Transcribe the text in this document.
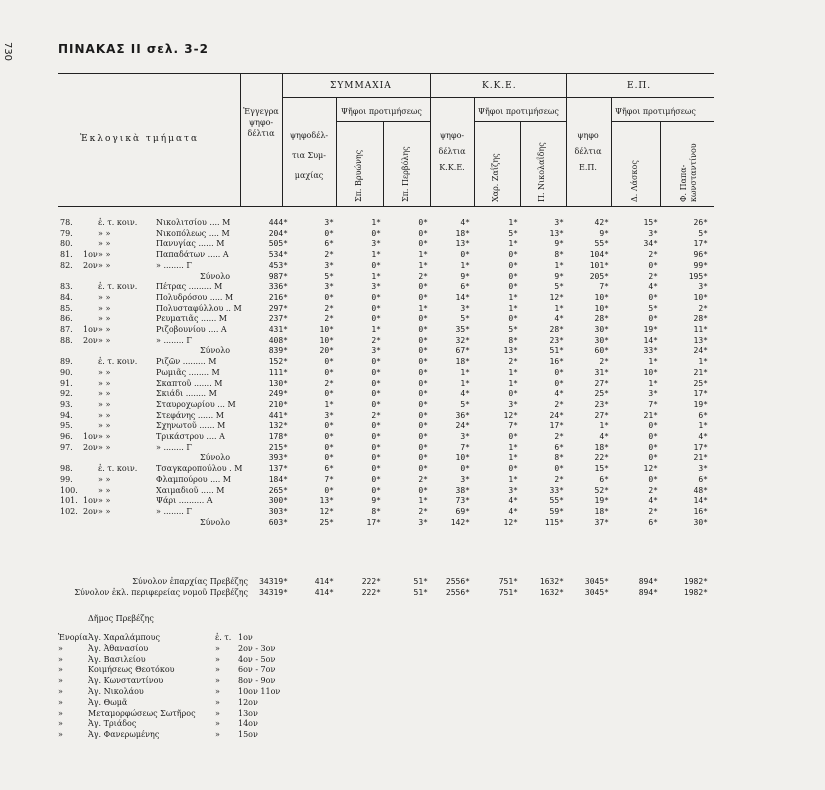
730	ΠΙΝΑΚΑΣ ΙΙ σελ. 3-2
Ἐκλογικὰ τμήματα
Ἐγγεγρα
ψηφο-
δέλτια
ΣΥΜΜΑΧΙΑ	Κ.Κ.Ε.	Ε.Π.
Ψῆφοι προτιμήσεως	Ψῆφοι προτιμήσεως	Ψῆφοι προτιμήσεως
ψηφοδέλ-
τια Συμ-
μαχίας
ψηφο-
δέλτια
Κ.Κ.Ε.
ψηφο
δέλτια
Ε.Π.
Σπ. Βρυώνης	Σπ. Περβόλης	Χαρ. Ζαΐζης	Π. Νικολαΐδης	Δ. Λάσκος	Φ. Παπα-κωνσταντίνου
78.	ἐ. τ. κοιν. Νικολιτσίου .... Μ	444*	3*	1*	0*	4*	1*	3*	42*	15*	26*
79.	» »	Νικοπόλεως .... Μ	204*	0*	0*	0*	18*	5*	13*	9*	3*	5*
80.	» »	Πανυγίας ...... Μ	505*	6*	3*	0*	13*	1*	9*	55*	34*	17*
81. 1ον » »	Παπαδάτων ..... Α	534*	2*	1*	1*	0*	0*	8*	104*	2*	96*
82. 2ον » »	» ........ Γ	453*	3*	0*	1*	1*	0*	1*	101*	0*	99*
Σύνολο	987*	5*	1*	2*	9*	0*	9*	205*	2*	195*
83.	ἐ. τ. κοιν. Πέτρας ......... Μ	336*	3*	3*	0*	6*	0*	5*	7*	4*	3*
84.	» »	Πολυδρόσου ..... Μ	216*	0*	0*	0*	14*	1*	12*	10*	0*	10*
85.	» »	Πολυσταφύλλου .. Μ	297*	2*	0*	1*	3*	1*	1*	10*	5*	2*
86.	» »	Ρευματιᾶς ...... Μ	237*	2*	0*	0*	5*	0*	4*	28*	0*	28*
87. 1ον » »	Ριζοβουνίου .... Α	431*	10*	1*	0*	35*	5*	28*	30*	19*	11*
88. 2ον » »	» ........ Γ	408*	10*	2*	0*	32*	8*	23*	30*	14*	13*
Σύνολο	839*	20*	3*	0*	67*	13*	51*	60*	33*	24*
89.	ἐ. τ. κοιν. Ριζῶν ......... Μ	152*	0*	0*	0*	18*	2*	16*	2*	1*	1*
90.	» »	Ρωμιᾶς ........ Μ	111*	0*	0*	0*	1*	1*	0*	31*	10*	21*
91.	» »	Σκαπτοῦ ....... Μ	130*	2*	0*	0*	1*	1*	0*	27*	1*	25*
92.	» »	Σκιάδι ........ Μ	249*	0*	0*	0*	4*	0*	4*	25*	3*	17*
93.	» »	Σταυροχωρίου ... Μ	210*	1*	0*	0*	5*	3*	2*	23*	7*	19*
94.	» »	Στεφάνης ...... Μ	441*	3*	2*	0*	36*	12*	24*	27*	21*	6*
95.	» »	Σχηνωτοῦ ...... Μ	132*	0*	0*	0*	24*	7*	17*	1*	0*	1*
96. 1ον » »	Τρικάστρου .... Α	178*	0*	0*	0*	3*	0*	2*	4*	0*	4*
97. 2ον » »	» ........ Γ	215*	0*	0*	0*	7*	1*	6*	18*	0*	17*
Σύνολο	393*	0*	0*	0*	10*	1*	8*	22*	0*	21*
98.	ἐ. τ. κοιν. Τσαγκαροπούλου . Μ	137*	6*	0*	0*	0*	0*	0*	15*	12*	3*
99.	» »	Φλαμπούρου .... Μ	184*	7*	0*	2*	3*	1*	2*	6*	0*	6*
100.	» »	Χαιμαδιοῦ ..... Μ	265*	0*	0*	0*	38*	3*	33*	52*	2*	48*
101. 1ον » »	Ψάρι .......... Α	300*	13*	9*	1*	73*	4*	55*	19*	4*	14*
102. 2ον » »	» ........ Γ	303*	12*	8*	2*	69*	4*	59*	18*	2*	16*
Σύνολο	603*	25*	17*	3*	142*	12*	115*	37*	6*	30*
Σύνολον ἐπαρχίας Πρεβέζης 34319*	414*	222*	51* 2556*	751*	1632*	3045*	894*	1982*
Σύνολον ἐκλ. περιφερείας νομοῦ Πρεβέζης 34319*	414*	222*	51* 2556*	751*	1632*	3045*	894*	1982*
Δῆμος Πρεβέζης
Ἐνορία Ἁγ. Χαραλάμπους	ἐ. τ. 1ον
»	Ἁγ. Ἀθανασίου	» 2ον - 3ον
»	Ἁγ. Βασιλείου	» 4ον - 5ον
»	Κοιμήσεως Θεοτόκου	» 6ον - 7ον
»	Ἁγ. Κωνσταντίνου	» 8ον - 9ον
»	Ἁγ. Νικολάου	» 10ον 11ον
»	Ἁγ. Θωμᾶ	» 12ον
»	Μεταμορφώσεως Σωτῆρος » 13ον
»	Ἁγ. Τριάδος	» 14ον
»	Ἁγ. Φανερωμένης	» 15ον
